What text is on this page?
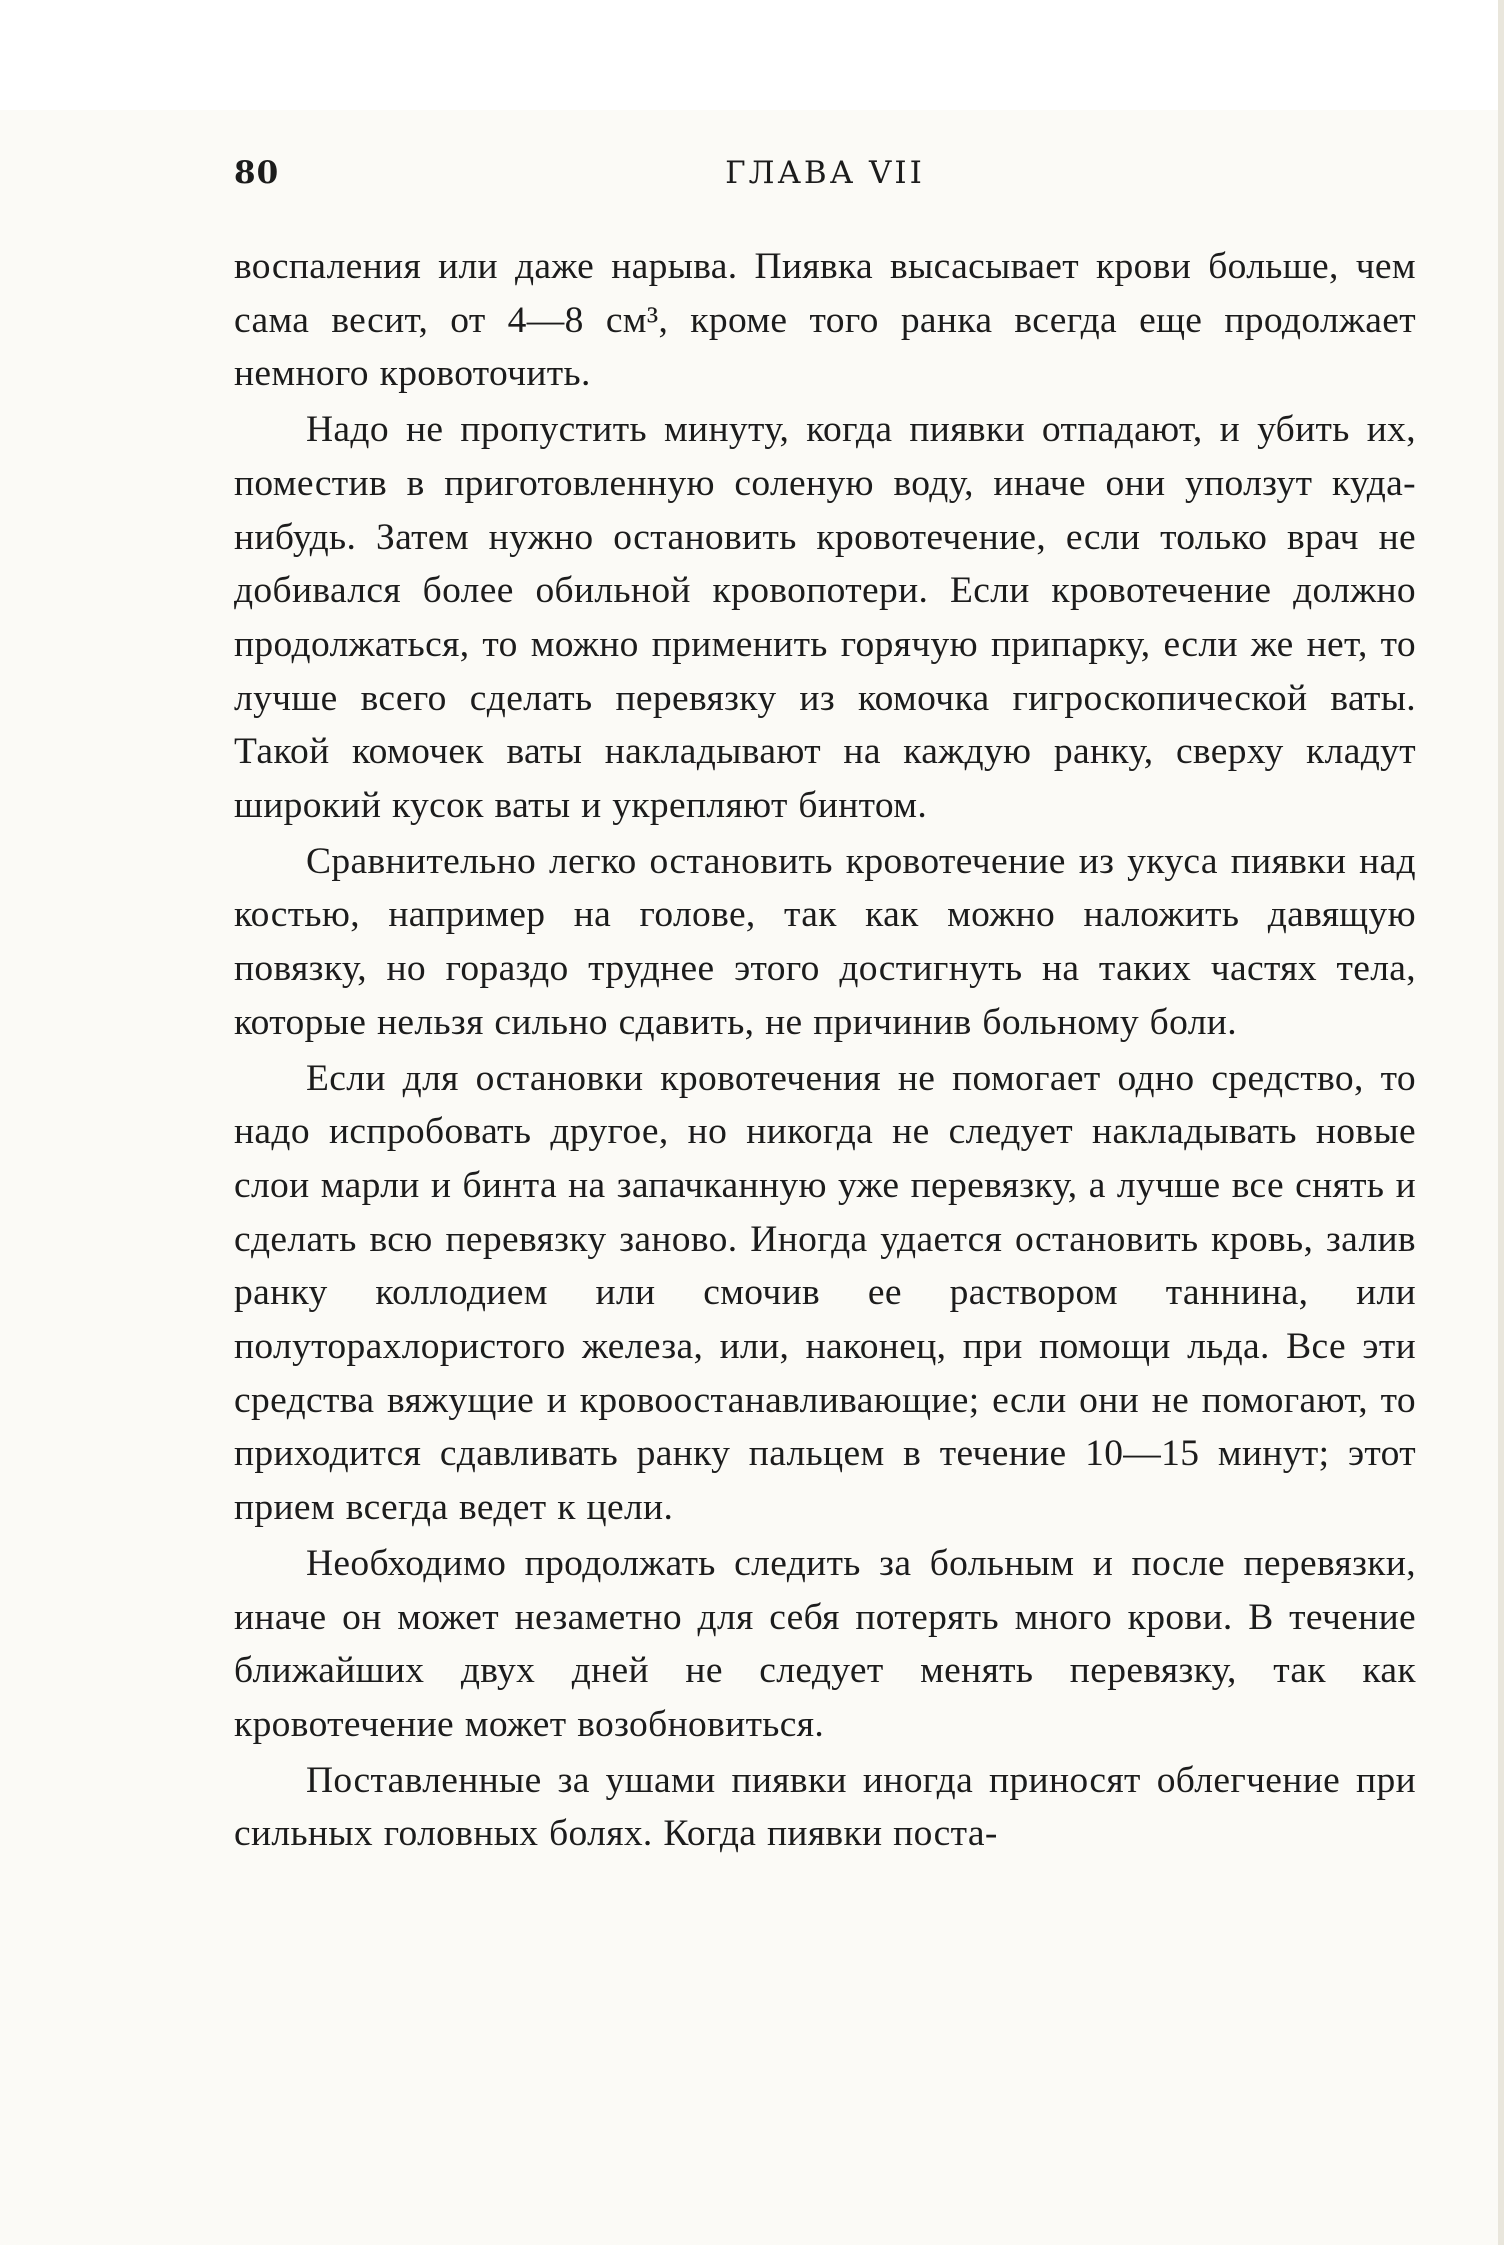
80	ГЛАВА VII

воспаления или даже нарыва. Пиявка высасывает крови больше, чем сама весит, от 4—8 см³, кроме того ранка всегда еще продолжает немного кровоточить.

Надо не пропустить минуту, когда пиявки отпадают, и убить их, поместив в приготовленную соленую воду, иначе они уползут куда-нибудь. Затем нужно остановить кровотечение, если только врач не добивался более обильной кровопотери. Если кровотечение должно продолжаться, то можно применить горячую припарку, если же нет, то лучше всего сделать перевязку из комочка гигроскопической ваты. Такой комочек ваты накладывают на каждую ранку, сверху кладут широкий кусок ваты и укрепляют бинтом.

Сравнительно легко остановить кровотечение из укуса пиявки над костью, например на голове, так как можно наложить давящую повязку, но гораздо труднее этого достигнуть на таких частях тела, которые нельзя сильно сдавить, не причинив больному боли.

Если для остановки кровотечения не помогает одно средство, то надо испробовать другое, но никогда не следует накладывать новые слои марли и бинта на запачканную уже перевязку, а лучше все снять и сделать всю перевязку заново. Иногда удается остановить кровь, залив ранку коллодием или смочив ее раствором таннина, или полуторахлористого железа, или, наконец, при помощи льда. Все эти средства вяжущие и кровоостанавливающие; если они не помогают, то приходится сдавливать ранку пальцем в течение 10—15 минут; этот прием всегда ведет к цели.

Необходимо продолжать следить за больным и после перевязки, иначе он может незаметно для себя потерять много крови. В течение ближайших двух дней не следует менять перевязку, так как кровотечение может возобновиться.

Поставленные за ушами пиявки иногда приносят облегчение при сильных головных болях. Когда пиявки поста-
